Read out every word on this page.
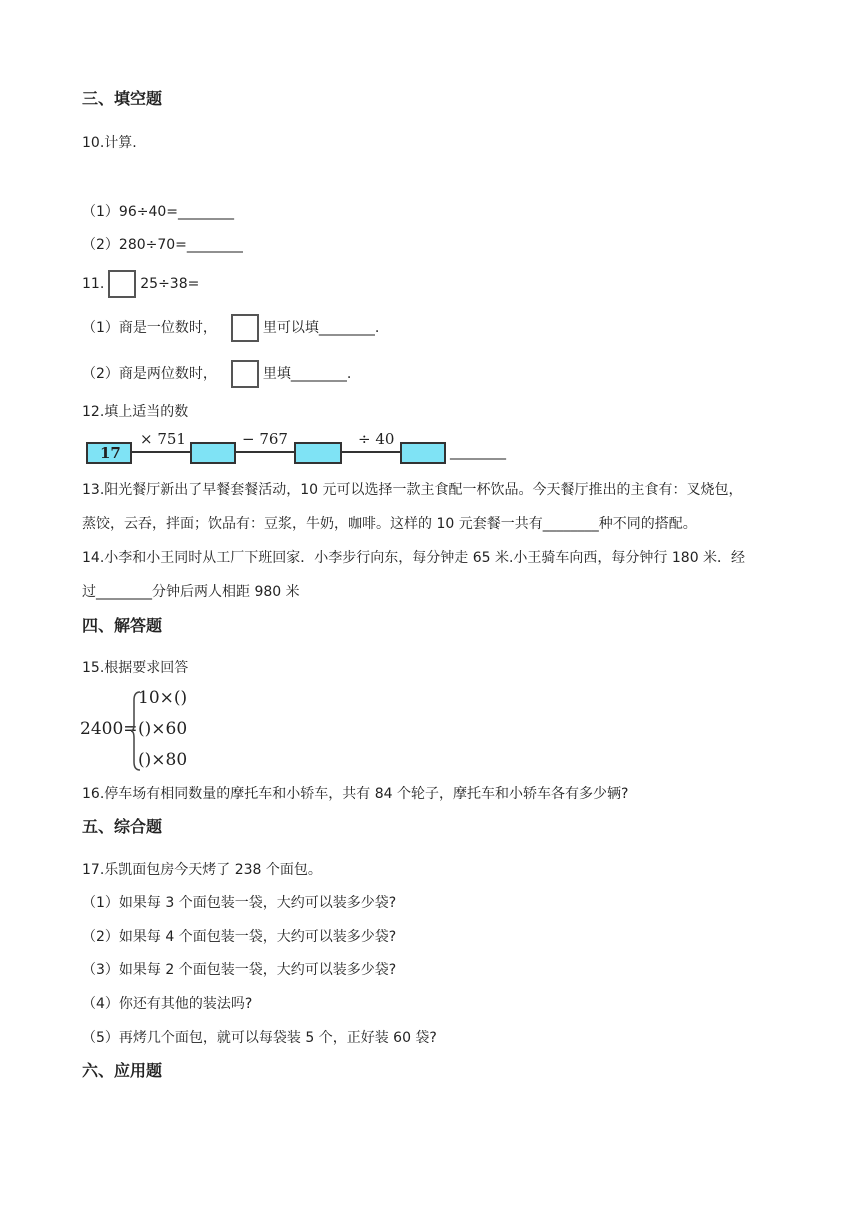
三、填空题
10.计算.
（1）96÷40=________
（2）280÷70=________
11.	25÷38=
（1）商是一位数时，	里可以填________.
（2）商是两位数时，	里填________.
12.填上适当的数
17
× 751	− 767	÷ 40
________
13.阳光餐厅新出了早餐套餐活动，10 元可以选择一款主食配一杯饮品。今天餐厅推出的主食有：叉烧包，
蒸饺，云吞，拌面；饮品有：豆浆，牛奶，咖啡。这样的 10 元套餐一共有________种不同的搭配。
14.小李和小王同时从工厂下班回家．小李步行向东，每分钟走 65 米.小王骑车向西，每分钟行 180 米．经
过________分钟后两人相距 980 米
四、解答题
15.根据要求回答
2400=
10×()
()×60
()×80
16.停车场有相同数量的摩托车和小轿车，共有 84 个轮子，摩托车和小轿车各有多少辆?
五、综合题
17.乐凯面包房今天烤了 238 个面包。
（1）如果每 3 个面包装一袋，大约可以装多少袋?
（2）如果每 4 个面包装一袋，大约可以装多少袋?
（3）如果每 2 个面包装一袋，大约可以装多少袋?
（4）你还有其他的装法吗?
（5）再烤几个面包，就可以每袋装 5 个，正好装 60 袋?
六、应用题
